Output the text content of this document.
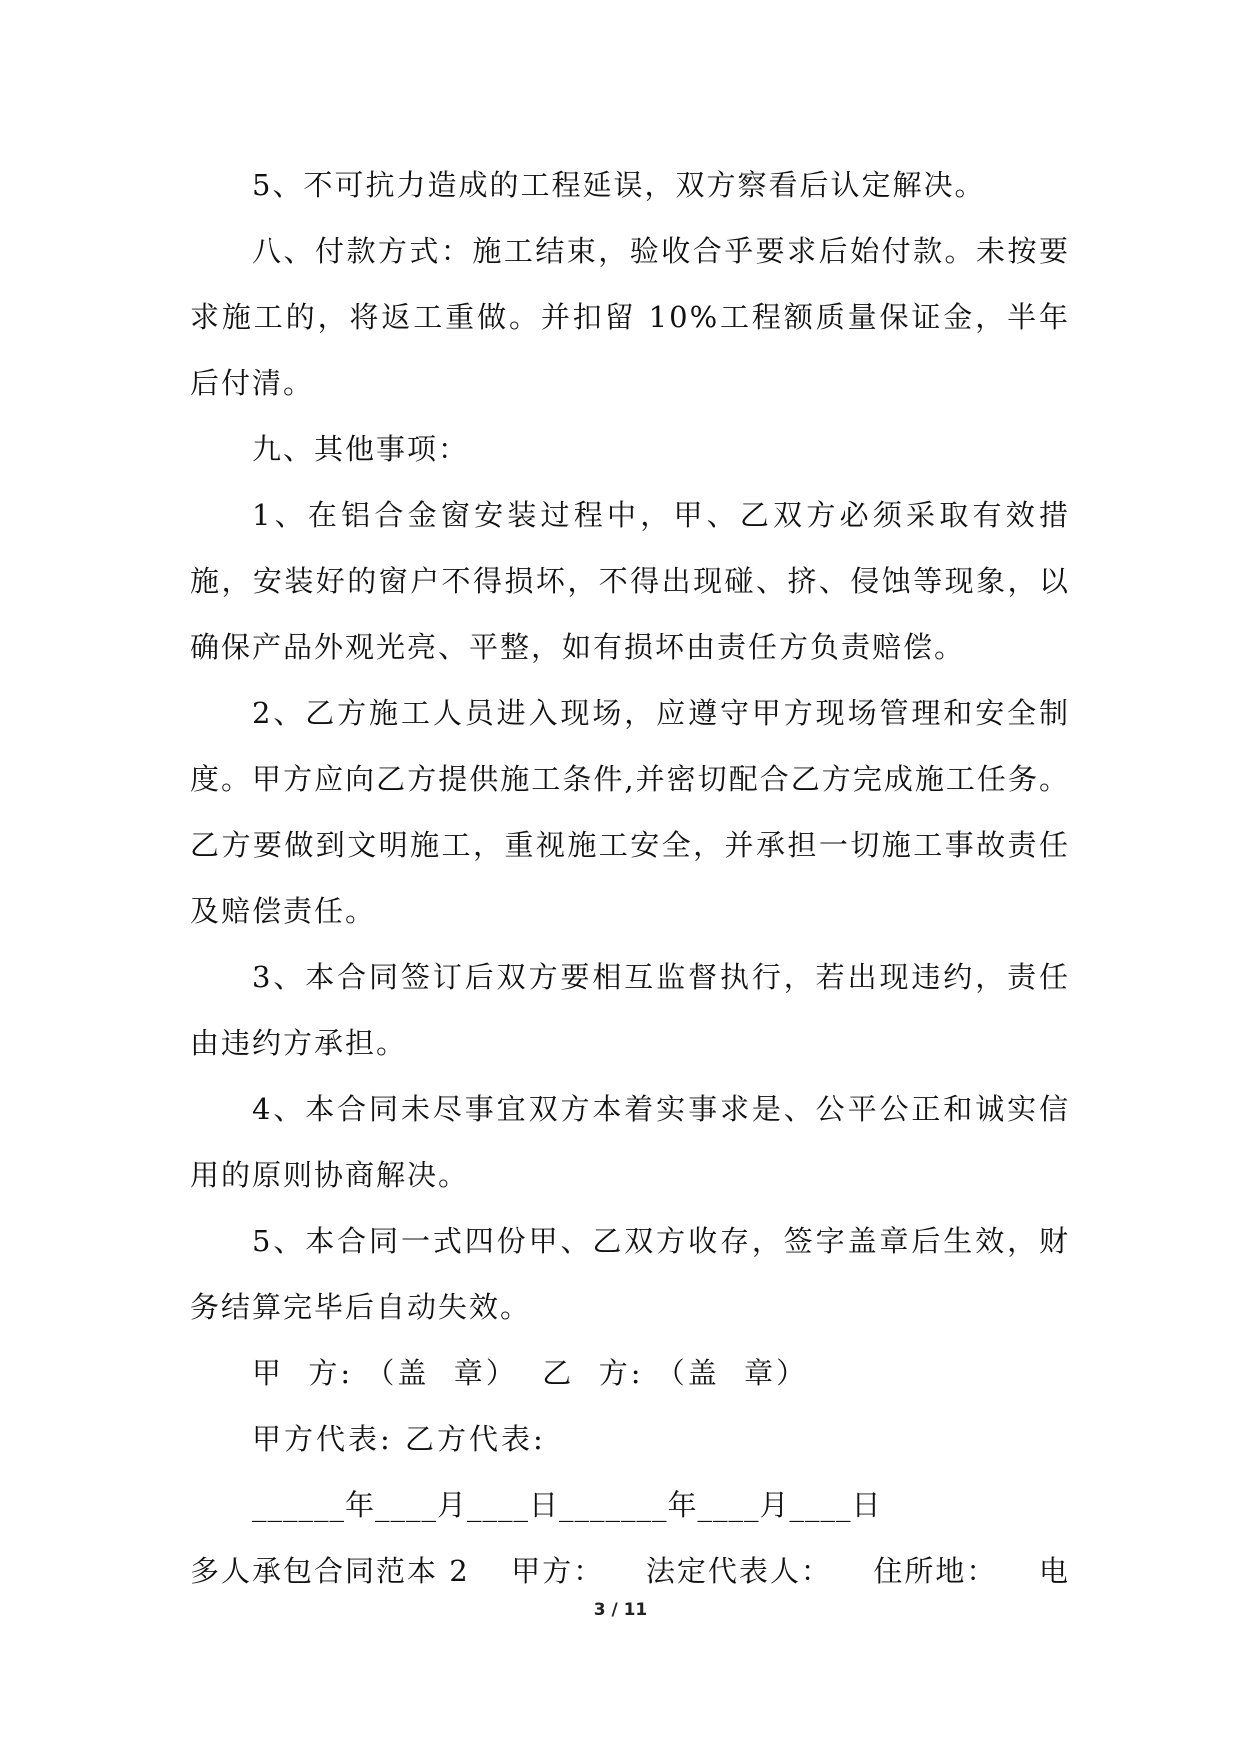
5、不可抗力造成的工程延误，双方察看后认定解决。

八、付款方式：施工结束，验收合乎要求后始付款。未按要求施工的，将返工重做。并扣留 10%工程额质量保证金，半年后付清。

九、其他事项：

1、在铝合金窗安装过程中，甲、乙双方必须采取有效措施，安装好的窗户不得损坏，不得出现碰、挤、侵蚀等现象，以确保产品外观光亮、平整，如有损坏由责任方负责赔偿。

2、乙方施工人员进入现场，应遵守甲方现场管理和安全制度。甲方应向乙方提供施工条件,并密切配合乙方完成施工任务。乙方要做到文明施工，重视施工安全，并承担一切施工事故责任及赔偿责任。

3、本合同签订后双方要相互监督执行，若出现违约，责任由违约方承担。

4、本合同未尽事宜双方本着实事求是、公平公正和诚实信用的原则协商解决。

5、本合同一式四份甲、乙双方收存，签字盖章后生效，财务结算完毕后自动失效。

甲  方: （盖  章）  乙  方: （盖  章）

甲方代表: 乙方代表:

______年____月____日_______年____月____日

多人承包合同范本 2 甲方： 法定代表人： 住所地： 电
3 / 11
